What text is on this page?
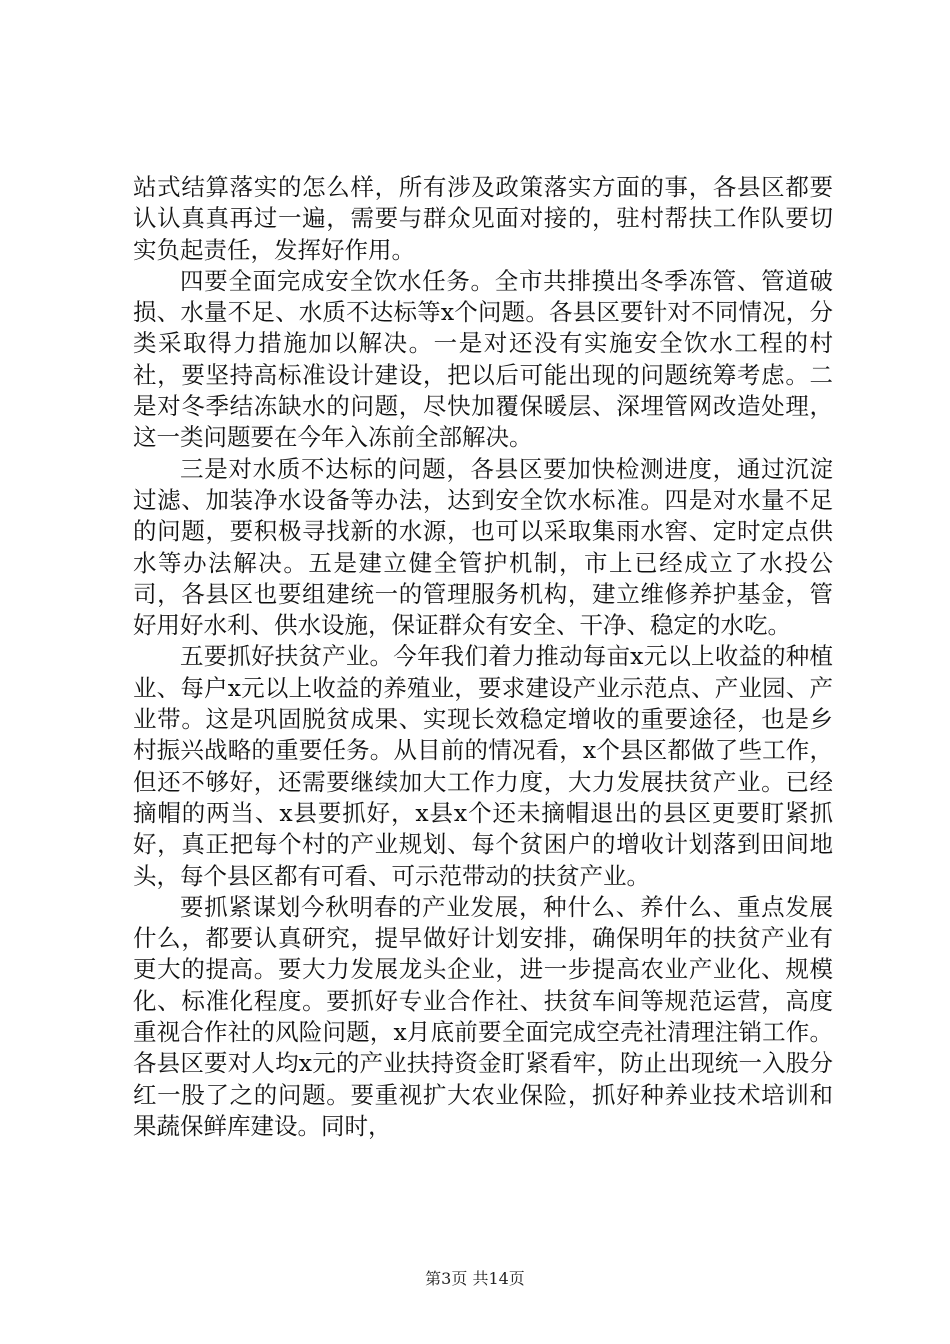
站式结算落实的怎么样，所有涉及政策落实方面的事，各县区都要认认真真再过一遍，需要与群众见面对接的，驻村帮扶工作队要切实负起责任，发挥好作用。

四要全面完成安全饮水任务。全市共排摸出冬季冻管、管道破损、水量不足、水质不达标等x个问题。各县区要针对不同情况，分类采取得力措施加以解决。一是对还没有实施安全饮水工程的村社，要坚持高标准设计建设，把以后可能出现的问题统筹考虑。二是对冬季结冻缺水的问题，尽快加覆保暖层、深埋管网改造处理，这一类问题要在今年入冻前全部解决。

三是对水质不达标的问题，各县区要加快检测进度，通过沉淀过滤、加装净水设备等办法，达到安全饮水标准。四是对水量不足的问题，要积极寻找新的水源，也可以采取集雨水窖、定时定点供水等办法解决。五是建立健全管护机制，市上已经成立了水投公司，各县区也要组建统一的管理服务机构，建立维修养护基金，管好用好水利、供水设施，保证群众有安全、干净、稳定的水吃。

五要抓好扶贫产业。今年我们着力推动每亩x元以上收益的种植业、每户x元以上收益的养殖业，要求建设产业示范点、产业园、产业带。这是巩固脱贫成果、实现长效稳定增收的重要途径，也是乡村振兴战略的重要任务。从目前的情况看，x个县区都做了些工作，但还不够好，还需要继续加大工作力度，大力发展扶贫产业。已经摘帽的两当、x县要抓好，x县x个还未摘帽退出的县区更要盯紧抓好，真正把每个村的产业规划、每个贫困户的增收计划落到田间地头，每个县区都有可看、可示范带动的扶贫产业。

要抓紧谋划今秋明春的产业发展，种什么、养什么、重点发展什么，都要认真研究，提早做好计划安排，确保明年的扶贫产业有更大的提高。要大力发展龙头企业，进一步提高农业产业化、规模化、标准化程度。要抓好专业合作社、扶贫车间等规范运营，高度重视合作社的风险问题，x月底前要全面完成空壳社清理注销工作。各县区要对人均x元的产业扶持资金盯紧看牢，防止出现统一入股分红一股了之的问题。要重视扩大农业保险，抓好种养业技术培训和果蔬保鲜库建设。同时，

第3页 共14页
